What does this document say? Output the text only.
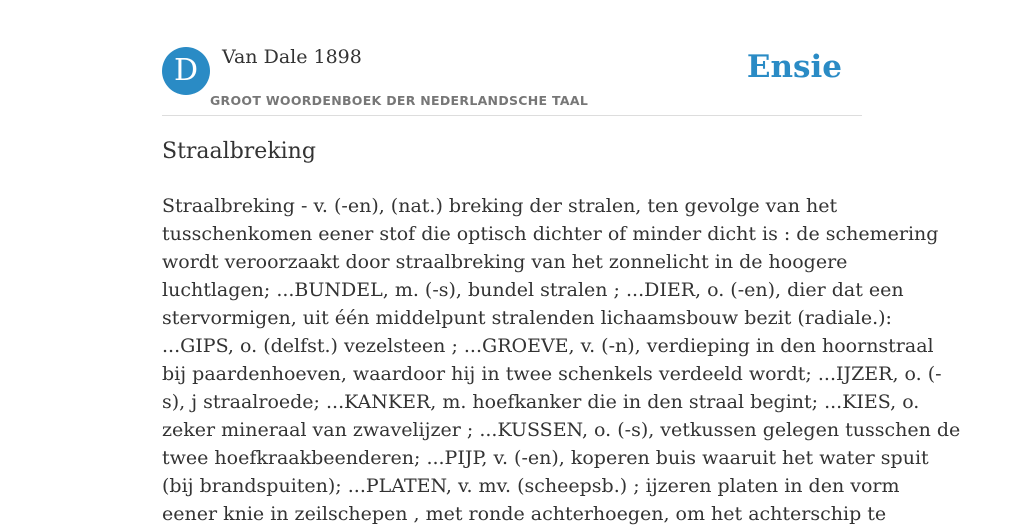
D	Van Dale 1898
GROOT WOORDENBOEK DER NEDERLANDSCHE TAAL
Ensie
Straalbreking

Straalbreking - v. (-en), (nat.) breking der stralen, ten gevolge van het
tusschenkomen eener stof die optisch dichter of minder dicht is : de schemering
wordt veroorzaakt door straalbreking van het zonnelicht in de hoogere
luchtlagen; ...BUNDEL, m. (-s), bundel stralen ; ...DIER, o. (-en), dier dat een
stervormigen, uit één middelpunt stralenden lichaamsbouw bezit (radiale.):
...GIPS, o. (delfst.) vezelsteen ; ...GROEVE, v. (-n), verdieping in den hoornstraal
bij paardenhoeven, waardoor hij in twee schenkels verdeeld wordt; ...IJZER, o. (-
s), j straalroede; ...KANKER, m. hoefkanker die in den straal begint; ...KIES, o.
zeker mineraal van zwavelijzer ; ...KUSSEN, o. (-s), vetkussen gelegen tusschen de
twee hoefkraakbeenderen; ...PIJP, v. (-en), koperen buis waaruit het water spuit
(bij brandspuiten); ...PLATEN, v. mv. (scheepsb.) ; ijzeren platen in den vorm
eener knie in zeilschepen , met ronde achterhoegen, om het achterschip te
